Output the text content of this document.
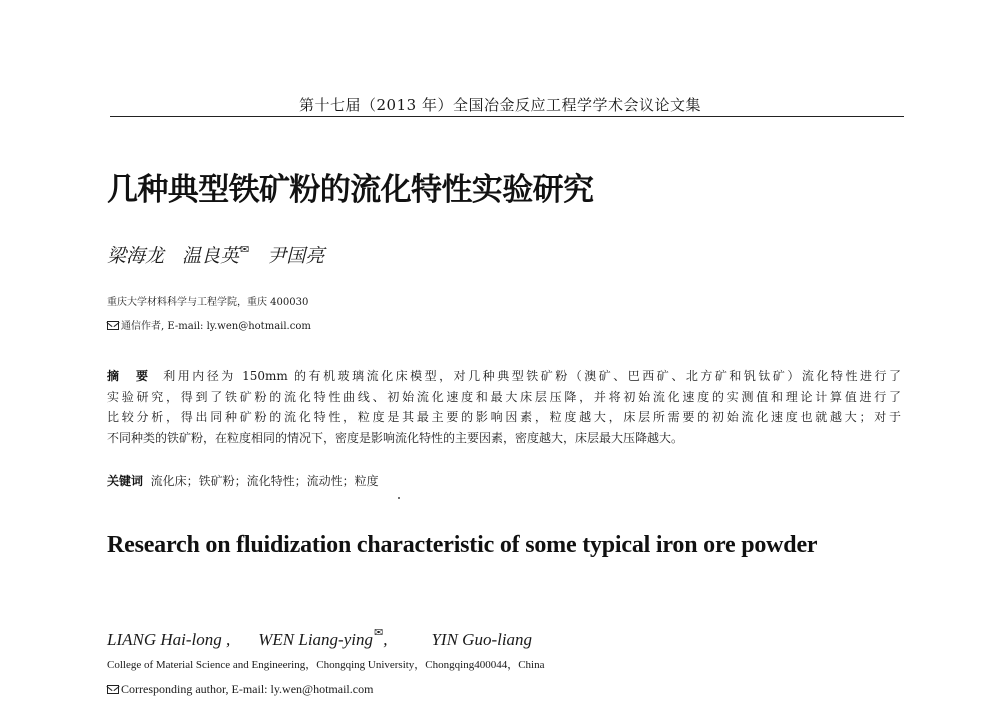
第十七届（2013 年）全国冶金反应工程学学术会议论文集
几种典型铁矿粉的流化特性实验研究
梁海龙 温良英✉ 尹国亮
重庆大学材料科学与工程学院，重庆 400030
通信作者, E-mail: ly.wen@hotmail.com
摘　要 利用内径为 150mm 的有机玻璃流化床模型，对几种典型铁矿粉（澳矿、巴西矿、北方矿和钒钛矿）流化特性进行了
实验研究，得到了铁矿粉的流化特性曲线、初始流化速度和最大床层压降，并将初始流化速度的实测值和理论计算值进行了
比较分析，得出同种矿粉的流化特性，粒度是其最主要的影响因素，粒度越大，床层所需要的初始流化速度也就越大；对于
不同种类的铁矿粉，在粒度相同的情况下，密度是影响流化特性的主要因素，密度越大，床层最大压降越大。
关键词 流化床；铁矿粉；流化特性；流动性；粒度
Research on fluidization characteristic of some typical iron ore powder
LIANG Hai-long , WEN Liang-ying✉,	YIN Guo-liang
College of Material Science and Engineering，Chongqing University，Chongqing400044，China
Corresponding author, E-mail: ly.wen@hotmail.com
